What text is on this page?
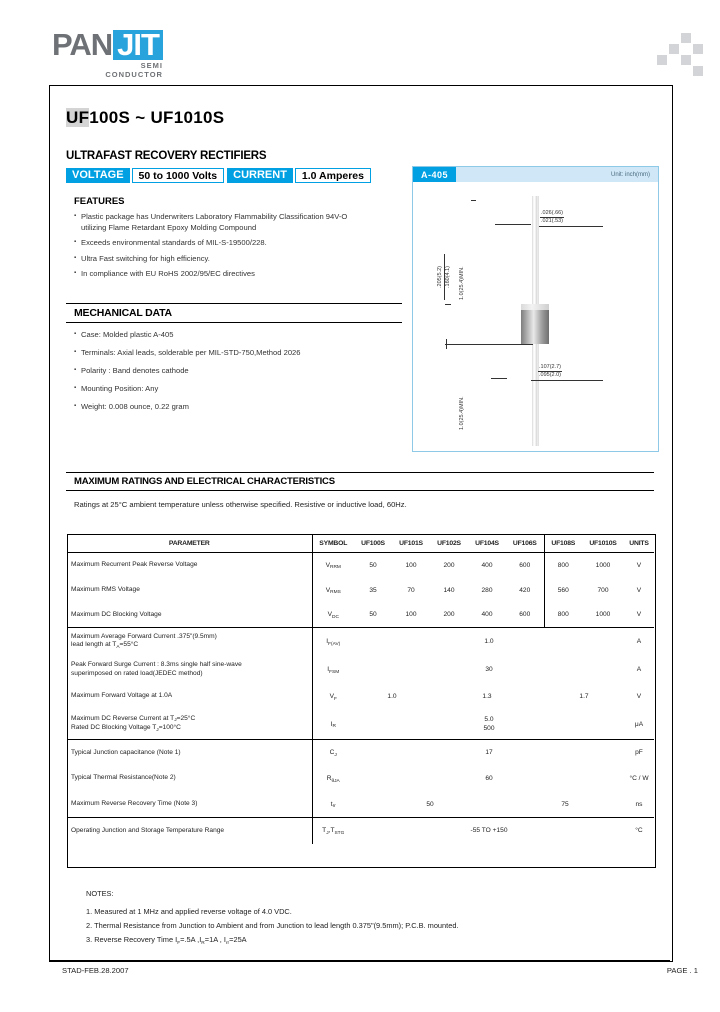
PAN JIT
SEMI
CONDUCTOR
UF100S ~ UF1010S
ULTRAFAST RECOVERY RECTIFIERS
VOLTAGE	50 to 1000 Volts	CURRENT	1.0 Amperes
FEATURES
▪ Plastic package has Underwriters Laboratory Flammability Classification 94V-O utilizing Flame Retardant Epoxy Molding Compound
▪ Exceeds environmental standards of MIL-S-19500/228.
▪ Ultra Fast switching for high efficiency.
▪ In compliance with EU RoHS 2002/95/EC directives
MECHANICAL DATA
▪ Case: Molded plastic A-405
▪ Terminals: Axial leads, solderable per MIL-STD-750,Method 2026
▪ Polarity : Band denotes cathode
▪ Mounting Position: Any
▪ Weight: 0.008 ounce, 0.22 gram
A-405	Unit: inch(mm)
.026(.66)
.021(.53)
1.0(25.4)MIN.
.205(5.2) .160(4.1)
.107(2.7)
.095(2.0)
1.0(25.4)MIN.
MAXIMUM RATINGS AND ELECTRICAL CHARACTERISTICS
Ratings at 25°C ambient temperature unless otherwise specified. Resistive or inductive load, 60Hz.
PARAMETER	SYMBOL	UF100S	UF101S	UF102S	UF104S	UF106S	UF108S	UF1010S	UNITS
Maximum Recurrent Peak Reverse Voltage	$V_{RRM}$	50	100	200	400	600	800	1000	V
Maximum RMS Voltage	$V_{RMS}$	35	70	140	280	420	560	700	V
Maximum DC Blocking Voltage	$V_{DC}$	50	100	200	400	600	800	1000	V
Maximum Average Forward Current .375"(9.5mm)
lead length at $T_A=55^\circ C$	$I_{F(AV)}$	1.0							A
Peak Forward Surge Current : 8.3ms single half sine-wave
superimposed on rated load(JEDEC method)	$I_{FSM}$	30							A
Maximum Forward Voltage at 1.0A	$V_F$	1.0		1.3			1.7		V
Maximum DC Reverse Current at $T_J=25^\circ C$
Rated DC Blocking Voltage $T_J=100^\circ C$	$I_R$	5.0
500							μA
Typical Junction capacitance (Note 1)	$C_J$	17							pF
Typical Thermal Resistance(Note 2)	$R_{\theta JA}$	60							°C / W
Maximum Reverse Recovery Time (Note 3)	$t_{rr}$	50				75			ns
Operating Junction and Storage Temperature Range	$T_J,T_{STG}$	-55 TO +150							°C
NOTES:
1. Measured at 1 MHz and applied reverse voltage of 4.0 VDC.
2. Thermal Resistance from Junction to Ambient and from Junction to lead length 0.375"(9.5mm); P.C.B. mounted.
3. Reverse Recovery Time $I_F=.5A$ $,I_R=1A$ , $I_{rr}=25A$
STAD-FEB.28.2007	PAGE . 1
